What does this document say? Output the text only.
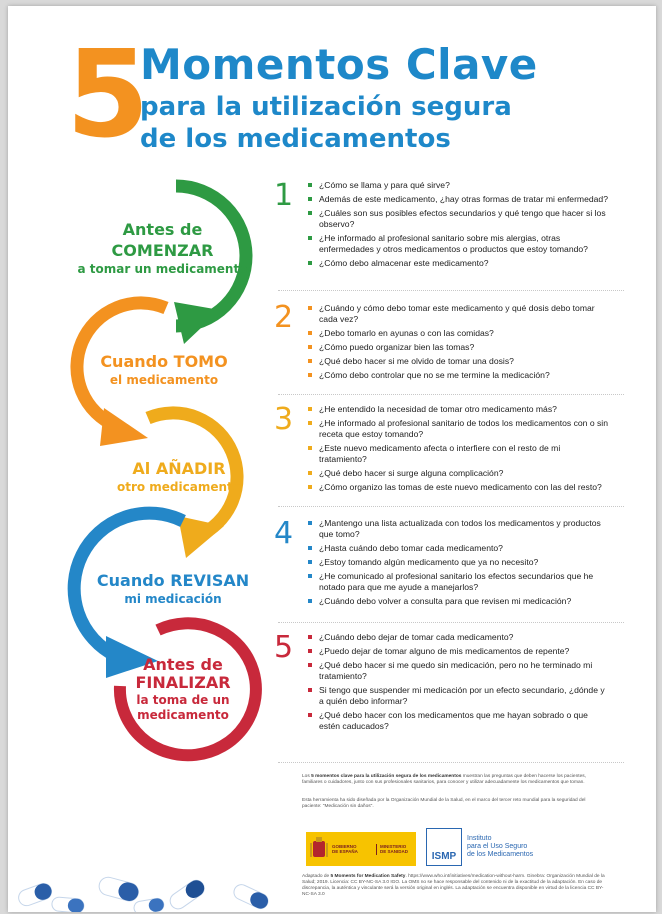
5
Momentos Clave
para la utilización segura
de los medicamentos
Antes de
COMENZAR
a tomar un medicamento
Cuando TOMO
el medicamento
Al AÑADIR
otro medicamento
Cuando REVISAN
mi medicación
Antes de
FINALIZAR
la toma de un medicamento
1	¿Cómo se llama y para qué sirve?
Además de este medicamento, ¿hay otras formas de tratar mi enfermedad?
¿Cuáles son sus posibles efectos secundarios y qué tengo que hacer si los observo?
¿He informado al profesional sanitario sobre mis alergias, otras enfermedades y otros medicamentos o productos que estoy tomando?
¿Cómo debo almacenar este medicamento?
2	¿Cuándo y cómo debo tomar este medicamento y qué dosis debo tomar cada vez?
¿Debo tomarlo en ayunas o con las comidas?
¿Cómo puedo organizar bien las tomas?
¿Qué debo hacer si me olvido de tomar una dosis?
¿Cómo debo controlar que no se me termine la medicación?
3	¿He entendido la necesidad de tomar otro medicamento más?
¿He informado al profesional sanitario de todos los medicamentos con o sin receta que estoy tomando?
¿Este nuevo medicamento afecta o interfiere con el resto de mi tratamiento?
¿Qué debo hacer si surge alguna complicación?
¿Cómo organizo las tomas de este nuevo medicamento con las del resto?
4	¿Mantengo una lista actualizada con todos los medicamentos y productos que tomo?
¿Hasta cuándo debo tomar cada medicamento?
¿Estoy tomando algún medicamento que ya no necesito?
¿He comunicado al profesional sanitario los efectos secundarios que he notado para que me ayude a manejarlos?
¿Cuándo debo volver a consulta para que revisen mi medicación?
5	¿Cuándo debo dejar de tomar cada medicamento?
¿Puedo dejar de tomar alguno de mis medicamentos de repente?
¿Qué debo hacer si me quedo sin medicación, pero no he terminado mi tratamiento?
Si tengo que suspender mi medicación por un efecto secundario, ¿dónde y a quién debo informar?
¿Qué debo hacer con los medicamentos que me hayan sobrado o que estén caducados?
Los 5 momentos clave para la utilización segura de los medicamentos muestran las preguntas que deben hacerse los pacientes, familiares o cuidadores, junto con sus profesionales sanitarios, para conocer y utilizar adecuadamente los medicamentos que toman.
Esta herramienta ha sido diseñada por la Organización Mundial de la Salud, en el marco del tercer reto mundial para la seguridad del paciente: "Medicación sin daños".
GOBIERNO
DE ESPAÑA
MINISTERIO
DE SANIDAD	ISMP
Instituto
para el Uso Seguro
de los Medicamentos
Adaptado de 5 Moments for Medication Safety. https://www.who.int/initiatives/medication-without-harm. Ginebra: Organización Mundial de la Salud; 2019. Licencia: CC BY-NC-SA 3.0 IGO. La OMS no se hace responsable del contenido ni de la exactitud de la adaptación. En caso de discrepancia, la auténtica y vinculante será la versión original en inglés. La adaptación se encuentra disponible en virtud de la licencia CC BY-NC-SA 3.0
